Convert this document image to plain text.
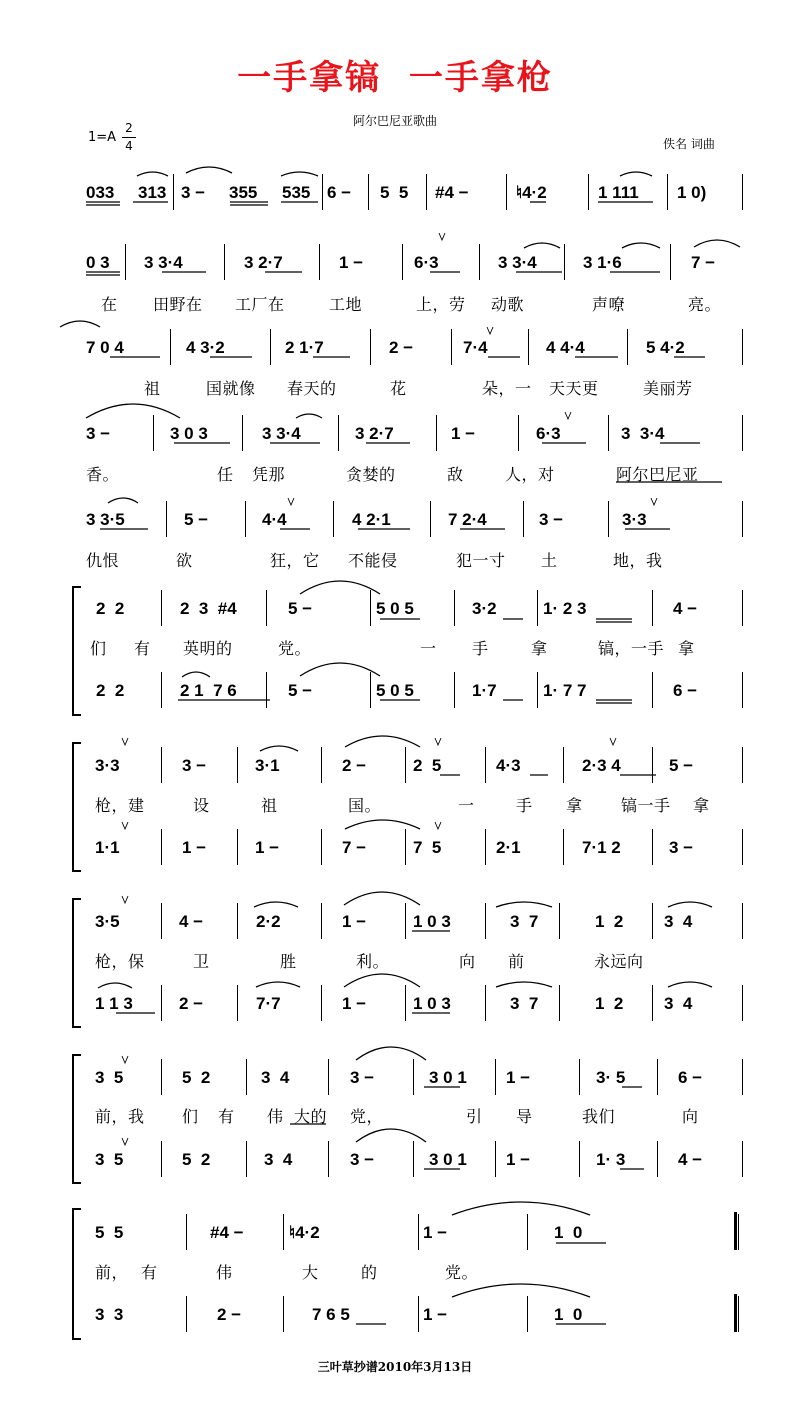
一手拿镐  一手拿枪
阿尔巴尼亚歌曲
1=A
2
4	佚名 词曲
033 313 3 − 355 535 6 − 5  5 #4 −	♮4·2	1 111 1 0)
0 3 3 3·4	3 2·7	1 −	6·3	3 3·4	3 1·6	7 −
在 田野在 工厂在	工地	上，劳 动歌	声嘹	亮。
7 0 4	4 3·2	2 1·7	2 −	7·4	4 4·4	5 4·2
祖	国就像 春天的	花	朵，一 天天更	美丽芳
3 −	3 0 3	3 3·4	3 2·7	1 −	6·3	3  3·4
香。	任 凭那	贪婪的	敌	人，对	阿尔巴尼亚
3 3·5	5 −	4·4	4 2·1	7 2·4	3 −	3·3
仇恨	欲	狂，它 不能侵	犯一寸 土	地，我
2  2	2  3  #4	5 −	5 0 5	3·2	1· 2 3	4 −
们 有 英明的	党。	一 手	拿	镐，一手 拿
2  2	2 1  7 6	5 −	5 0 5	1·7	1· 7 7	6 −
3·3	3 −	3·1	2 −	2  5	4·3	2·3 4	5 −
枪，建	设	祖	国。	一	手 拿 镐一手 拿
1·1	1 −	1 −	7 −	7  5	2·1	7·1 2	3 −
3·5	4 −	2·2	1 −	1 0 3	3  7	1  2 3  4
枪，保	卫	胜	利。	向 前	永远向
1 1 3	2 −	7·7	1 −	1 0 3	3  7	1  2 3  4
3  5	5  2	3  4	3 −	3 0 1 1 −	3· 5	6 −
前，我 们 有 伟 大的 党，	引 导	我们	向
3  5	5  2	3  4	3 −	3 0 1 1 −	1· 3	4 −
5  5	#4 −	♮4·2	1 −	1  0
前， 有	伟	大	的	党。
3  3	2 −	7 6 5	1 −	1  0
三叶草抄谱2010年3月13日
